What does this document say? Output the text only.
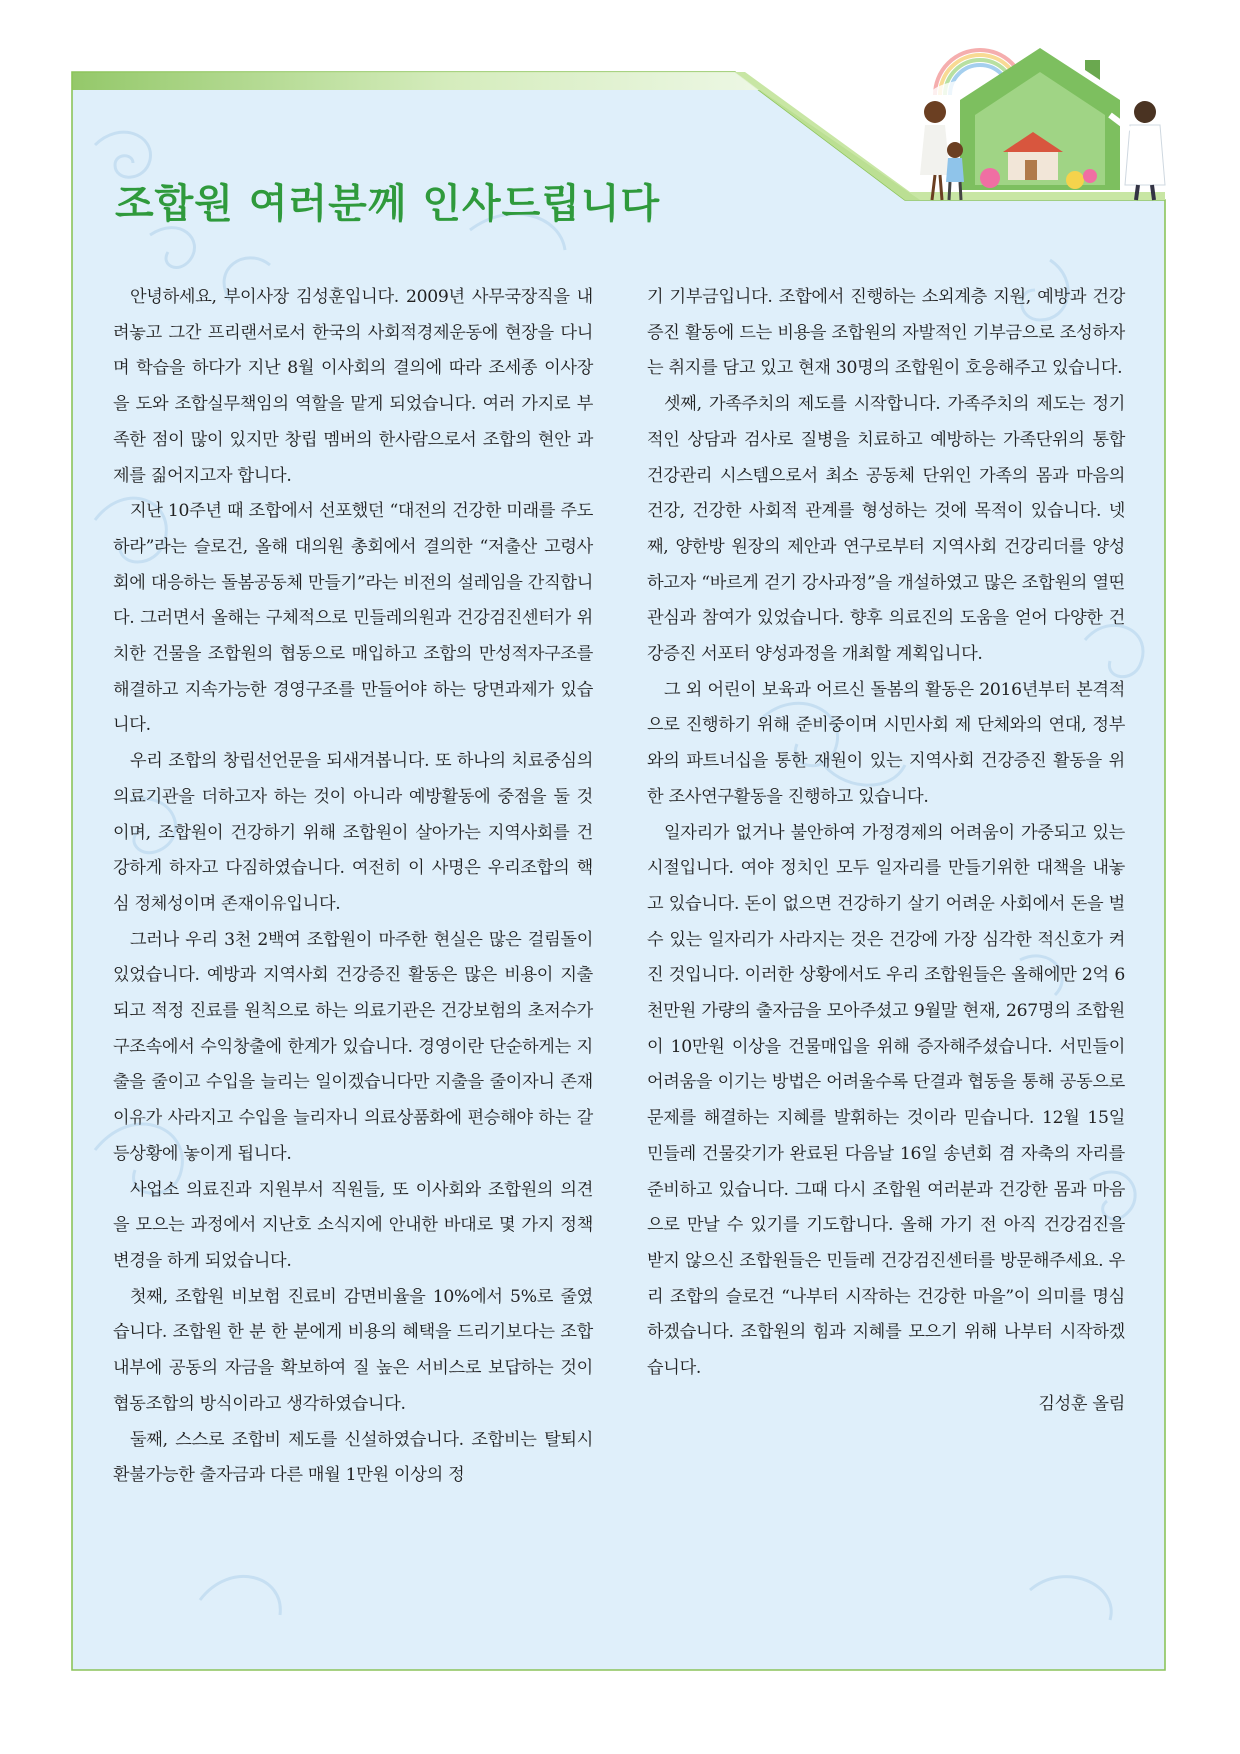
조합원 여러분께 인사드립니다

안녕하세요, 부이사장 김성훈입니다. 2009년 사무국장직을 내려놓고 그간 프리랜서로서 한국의 사회적경제운동에 현장을 다니며 학습을 하다가 지난 8월 이사회의 결의에 따라 조세종 이사장을 도와 조합실무책임의 역할을 맡게 되었습니다. 여러 가지로 부족한 점이 많이 있지만 창립 멤버의 한사람으로서 조합의 현안 과제를 짊어지고자 합니다.

지난 10주년 때 조합에서 선포했던 “대전의 건강한 미래를 주도하라”라는 슬로건, 올해 대의원 총회에서 결의한 “저출산 고령사회에 대응하는 돌봄공동체 만들기”라는 비전의 설레임을 간직합니다. 그러면서 올해는 구체적으로 민들레의원과 건강검진센터가 위치한 건물을 조합원의 협동으로 매입하고 조합의 만성적자구조를 해결하고 지속가능한 경영구조를 만들어야 하는 당면과제가 있습니다.

우리 조합의 창립선언문을 되새겨봅니다. 또 하나의 치료중심의 의료기관을 더하고자 하는 것이 아니라 예방활동에 중점을 둘 것이며, 조합원이 건강하기 위해 조합원이 살아가는 지역사회를 건강하게 하자고 다짐하였습니다. 여전히 이 사명은 우리조합의 핵심 정체성이며 존재이유입니다.

그러나 우리 3천 2백여 조합원이 마주한 현실은 많은 걸림돌이 있었습니다. 예방과 지역사회 건강증진 활동은 많은 비용이 지출되고 적정 진료를 원칙으로 하는 의료기관은 건강보험의 초저수가 구조속에서 수익창출에 한계가 있습니다. 경영이란 단순하게는 지출을 줄이고 수입을 늘리는 일이겠습니다만 지출을 줄이자니 존재이유가 사라지고 수입을 늘리자니 의료상품화에 편승해야 하는 갈등상황에 놓이게 됩니다.

사업소 의료진과 지원부서 직원들, 또 이사회와 조합원의 의견을 모으는 과정에서 지난호 소식지에 안내한 바대로 몇 가지 정책변경을 하게 되었습니다.

첫째, 조합원 비보험 진료비 감면비율을 10%에서 5%로 줄였습니다. 조합원 한 분 한 분에게 비용의 혜택을 드리기보다는 조합 내부에 공동의 자금을 확보하여 질 높은 서비스로 보답하는 것이 협동조합의 방식이라고 생각하였습니다.

둘째, 스스로 조합비 제도를 신설하였습니다. 조합비는 탈퇴시 환불가능한 출자금과 다른 매월 1만원 이상의 정

기 기부금입니다. 조합에서 진행하는 소외계층 지원, 예방과 건강증진 활동에 드는 비용을 조합원의 자발적인 기부금으로 조성하자는 취지를 담고 있고 현재 30명의 조합원이 호응해주고 있습니다.

셋째, 가족주치의 제도를 시작합니다. 가족주치의 제도는 정기적인 상담과 검사로 질병을 치료하고 예방하는 가족단위의 통합 건강관리 시스템으로서 최소 공동체 단위인 가족의 몸과 마음의 건강, 건강한 사회적 관계를 형성하는 것에 목적이 있습니다. 넷째, 양한방 원장의 제안과 연구로부터 지역사회 건강리더를 양성하고자 “바르게 걷기 강사과정”을 개설하였고 많은 조합원의 열띤 관심과 참여가 있었습니다. 향후 의료진의 도움을 얻어 다양한 건강증진 서포터 양성과정을 개최할 계획입니다.

그 외 어린이 보육과 어르신 돌봄의 활동은 2016년부터 본격적으로 진행하기 위해 준비중이며 시민사회 제 단체와의 연대, 정부와의 파트너십을 통한 재원이 있는 지역사회 건강증진 활동을 위한 조사연구활동을 진행하고 있습니다.

일자리가 없거나 불안하여 가정경제의 어려움이 가중되고 있는 시절입니다. 여야 정치인 모두 일자리를 만들기위한 대책을 내놓고 있습니다. 돈이 없으면 건강하기 살기 어려운 사회에서 돈을 벌 수 있는 일자리가 사라지는 것은 건강에 가장 심각한 적신호가 켜진 것입니다. 이러한 상황에서도 우리 조합원들은 올해에만 2억 6천만원 가량의 출자금을 모아주셨고 9월말 현재, 267명의 조합원이 10만원 이상을 건물매입을 위해 증자해주셨습니다. 서민들이 어려움을 이기는 방법은 어려울수록 단결과 협동을 통해 공동으로 문제를 해결하는 지혜를 발휘하는 것이라 믿습니다. 12월 15일 민들레 건물갖기가 완료된 다음날 16일 송년회 겸 자축의 자리를 준비하고 있습니다. 그때 다시 조합원 여러분과 건강한 몸과 마음으로 만날 수 있기를 기도합니다. 올해 가기 전 아직 건강검진을 받지 않으신 조합원들은 민들레 건강검진센터를 방문해주세요. 우리 조합의 슬로건 “나부터 시작하는 건강한 마을”이 의미를 명심하겠습니다. 조합원의 힘과 지혜를 모으기 위해 나부터 시작하겠습니다.

김성훈 올림
